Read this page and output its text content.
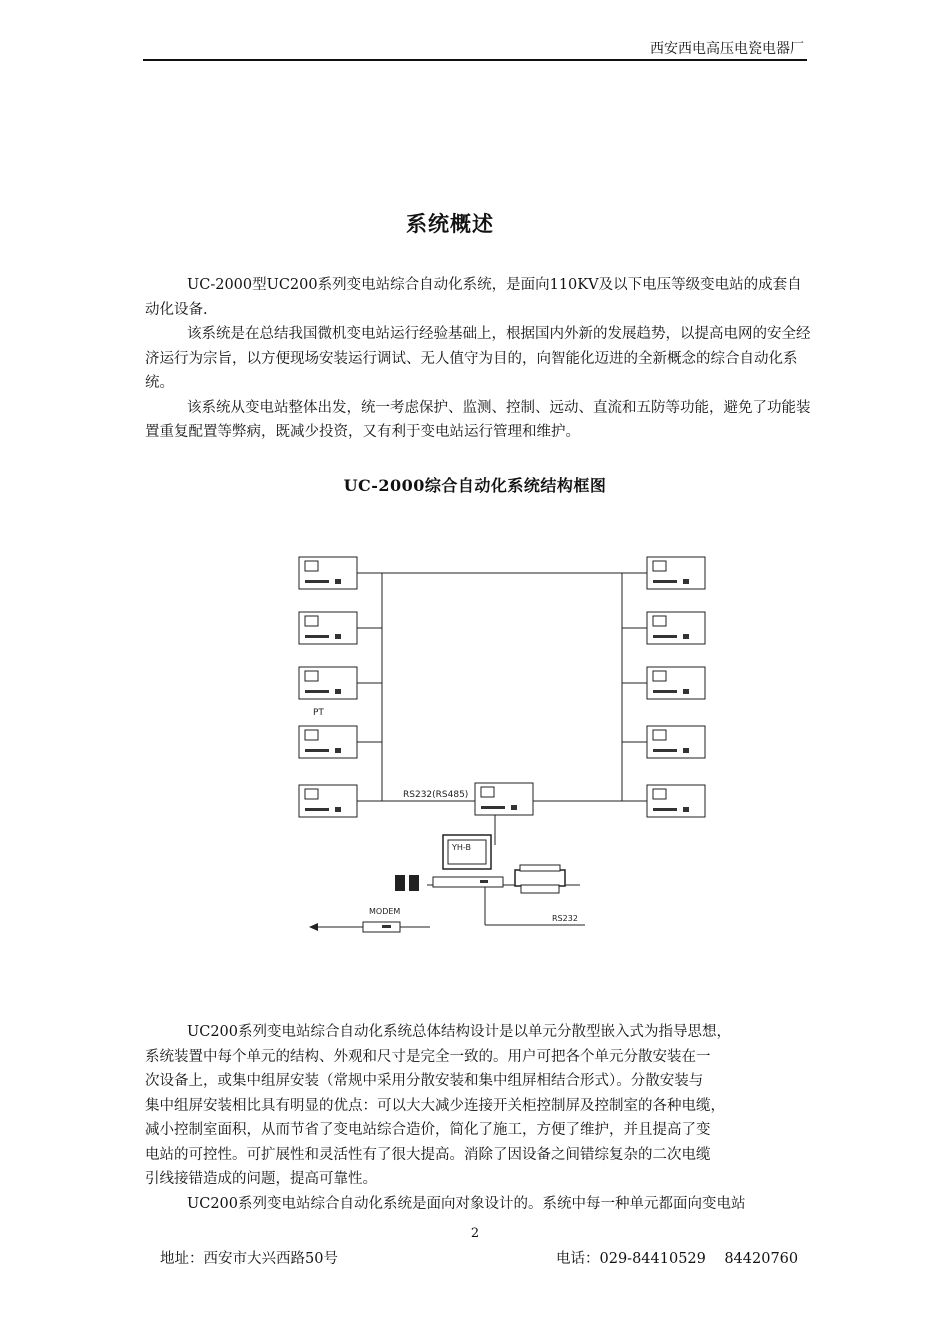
西安西电高压电瓷电器厂
系统概述

UC-2000型UC200系列变电站综合自动化系统，是面向110KV及以下电压等级变电站的成套自动化设备.

该系统是在总结我国微机变电站运行经验基础上，根据国内外新的发展趋势，以提高电网的安全经济运行为宗旨，以方便现场安装运行调试、无人值守为目的，向智能化迈进的全新概念的综合自动化系统。

该系统从变电站整体出发，统一考虑保护、监测、控制、远动、直流和五防等功能，避免了功能装置重复配置等弊病，既减少投资，又有利于变电站运行管理和维护。

UC-2000综合自动化系统结构框图
PT
RS232(RS485)
YH-B
MODEM
RS232

UC200系列变电站综合自动化系统总体结构设计是以单元分散型嵌入式为指导思想，

系统装置中每个单元的结构、外观和尺寸是完全一致的。用户可把各个单元分散安装在一

次设备上，或集中组屏安装（常规中采用分散安装和集中组屏相结合形式）。分散安装与

集中组屏安装相比具有明显的优点：可以大大减少连接开关柜控制屏及控制室的各种电缆，

减小控制室面积，从而节省了变电站综合造价，简化了施工，方便了维护，并且提高了变

电站的可控性。可扩展性和灵活性有了很大提高。消除了因设备之间错综复杂的二次电缆

引线接错造成的问题，提高可靠性。

UC200系列变电站综合自动化系统是面向对象设计的。系统中每一种单元都面向变电站

2
地址：西安市大兴西路50号	电话：029-84410529    84420760
